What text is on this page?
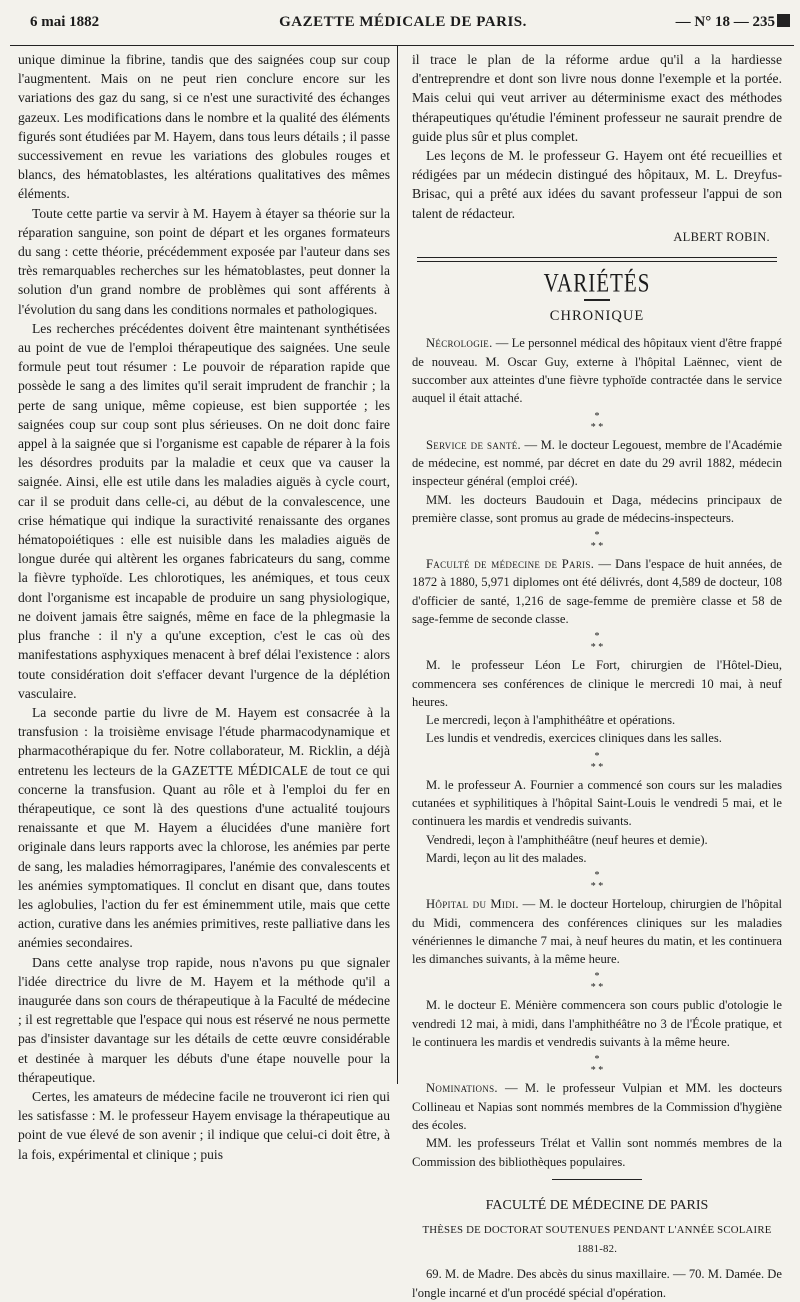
6 mai 1882	GAZETTE MÉDICALE DE PARIS.	— N° 18 — 235

unique diminue la fibrine, tandis que des saignées coup sur coup l'augmentent. Mais on ne peut rien conclure encore sur les variations des gaz du sang, si ce n'est une suractivité des échanges gazeux. Les modifications dans le nombre et la qualité des éléments figurés sont étudiées par M. Hayem, dans tous leurs détails ; il passe successivement en revue les variations des globules rouges et blancs, des hématoblastes, les altérations qualitatives des mêmes éléments.

Toute cette partie va servir à M. Hayem à étayer sa théorie sur la réparation sanguine, son point de départ et les organes formateurs du sang : cette théorie, précédemment exposée par l'auteur dans ses très remarquables recherches sur les hématoblastes, peut donner la solution d'un grand nombre de problèmes qui sont afférents à l'évolution du sang dans les conditions normales et pathologiques.

Les recherches précédentes doivent être maintenant synthétisées au point de vue de l'emploi thérapeutique des saignées. Une seule formule peut tout résumer : Le pouvoir de réparation rapide que possède le sang a des limites qu'il serait imprudent de franchir ; la perte de sang unique, même copieuse, est bien supportée ; les saignées coup sur coup sont plus sérieuses. On ne doit donc faire appel à la saignée que si l'organisme est capable de réparer à la fois les désordres produits par la maladie et ceux que va causer la saignée. Ainsi, elle est utile dans les maladies aiguës à cycle court, car il se produit dans celle-ci, au début de la convalescence, une crise hématique qui indique la suractivité renaissante des organes hématopoiétiques : elle est nuisible dans les maladies aiguës de longue durée qui altèrent les organes fabricateurs du sang, comme la fièvre typhoïde. Les chlorotiques, les anémiques, et tous ceux dont l'organisme est incapable de produire un sang physiologique, ne doivent jamais être saignés, même en face de la phlegmasie la plus franche : il n'y a qu'une exception, c'est le cas où des manifestations asphyxiques menacent à bref délai l'existence : alors toute considération doit s'effacer devant l'urgence de la déplétion vasculaire.

La seconde partie du livre de M. Hayem est consacrée à la transfusion : la troisième envisage l'étude pharmacodynamique et pharmacothérapique du fer. Notre collaborateur, M. Ricklin, a déjà entretenu les lecteurs de la GAZETTE MÉDICALE de tout ce qui concerne la transfusion. Quant au rôle et à l'emploi du fer en thérapeutique, ce sont là des questions d'une actualité toujours renaissante et que M. Hayem a élucidées d'une manière fort originale dans leurs rapports avec la chlorose, les anémies par perte de sang, les maladies hémorragipares, l'anémie des convalescents et les anémies symptomatiques. Il conclut en disant que, dans toutes les aglobulies, l'action du fer est éminemment utile, mais que cette action, curative dans les anémies primitives, reste palliative dans les anémies secondaires.

Dans cette analyse trop rapide, nous n'avons pu que signaler l'idée directrice du livre de M. Hayem et la méthode qu'il a inaugurée dans son cours de thérapeutique à la Faculté de médecine ; il est regrettable que l'espace qui nous est réservé ne nous permette pas d'insister davantage sur les détails de cette œuvre considérable et destinée à marquer les débuts d'une étape nouvelle pour la thérapeutique.

Certes, les amateurs de médecine facile ne trouveront ici rien qui les satisfasse : M. le professeur Hayem envisage la thérapeutique au point de vue élevé de son avenir ; il indique que celui-ci doit être, à la fois, expérimental et clinique ; puis

il trace le plan de la réforme ardue qu'il a la hardiesse d'entreprendre et dont son livre nous donne l'exemple et la portée. Mais celui qui veut arriver au déterminisme exact des méthodes thérapeutiques qu'étudie l'éminent professeur ne saurait prendre de guide plus sûr et plus complet.

Les leçons de M. le professeur G. Hayem ont été recueillies et rédigées par un médecin distingué des hôpitaux, M. L. Dreyfus-Brisac, qui a prêté aux idées du savant professeur l'appui de son talent de rédacteur.

ALBERT ROBIN.
VARIÉTÉS
CHRONIQUE

Nécrologie. — Le personnel médical des hôpitaux vient d'être frappé de nouveau. M. Oscar Guy, externe à l'hôpital Laënnec, vient de succomber aux atteintes d'une fièvre typhoïde contractée dans le service auquel il était attaché.

*
* *

Service de santé. — M. le docteur Legouest, membre de l'Académie de médecine, est nommé, par décret en date du 29 avril 1882, médecin inspecteur général (emploi créé).

MM. les docteurs Baudouin et Daga, médecins principaux de première classe, sont promus au grade de médecins-inspecteurs.

*
* *

Faculté de médecine de Paris. — Dans l'espace de huit années, de 1872 à 1880, 5,971 diplomes ont été délivrés, dont 4,589 de docteur, 108 d'officier de santé, 1,216 de sage-femme de première classe et 58 de sage-femme de seconde classe.

*
* *

M. le professeur Léon Le Fort, chirurgien de l'Hôtel-Dieu, commencera ses conférences de clinique le mercredi 10 mai, à neuf heures.

Le mercredi, leçon à l'amphithéâtre et opérations.

Les lundis et vendredis, exercices cliniques dans les salles.

*
* *

M. le professeur A. Fournier a commencé son cours sur les maladies cutanées et syphilitiques à l'hôpital Saint-Louis le vendredi 5 mai, et le continuera les mardis et vendredis suivants.

Vendredi, leçon à l'amphithéâtre (neuf heures et demie).

Mardi, leçon au lit des malades.

*
* *

Hôpital du Midi. — M. le docteur Horteloup, chirurgien de l'hôpital du Midi, commencera des conférences cliniques sur les maladies vénériennes le dimanche 7 mai, à neuf heures du matin, et les continuera les dimanches suivants, à la même heure.

*
* *

M. le docteur E. Ménière commencera son cours public d'otologie le vendredi 12 mai, à midi, dans l'amphithéâtre no 3 de l'École pratique, et le continuera les mardis et vendredis suivants à la même heure.

*
* *

Nominations. — M. le professeur Vulpian et MM. les docteurs Collineau et Napias sont nommés membres de la Commission d'hygiène des écoles.

MM. les professeurs Trélat et Vallin sont nommés membres de la Commission des bibliothèques populaires.

FACULTÉ DE MÉDECINE DE PARIS
THÈSES DE DOCTORAT SOUTENUES PENDANT L'ANNÉE SCOLAIRE 1881-82.

69. M. de Madre. Des abcès du sinus maxillaire. — 70. M. Damée. De l'ongle incarné et d'un procédé spécial d'opération.
